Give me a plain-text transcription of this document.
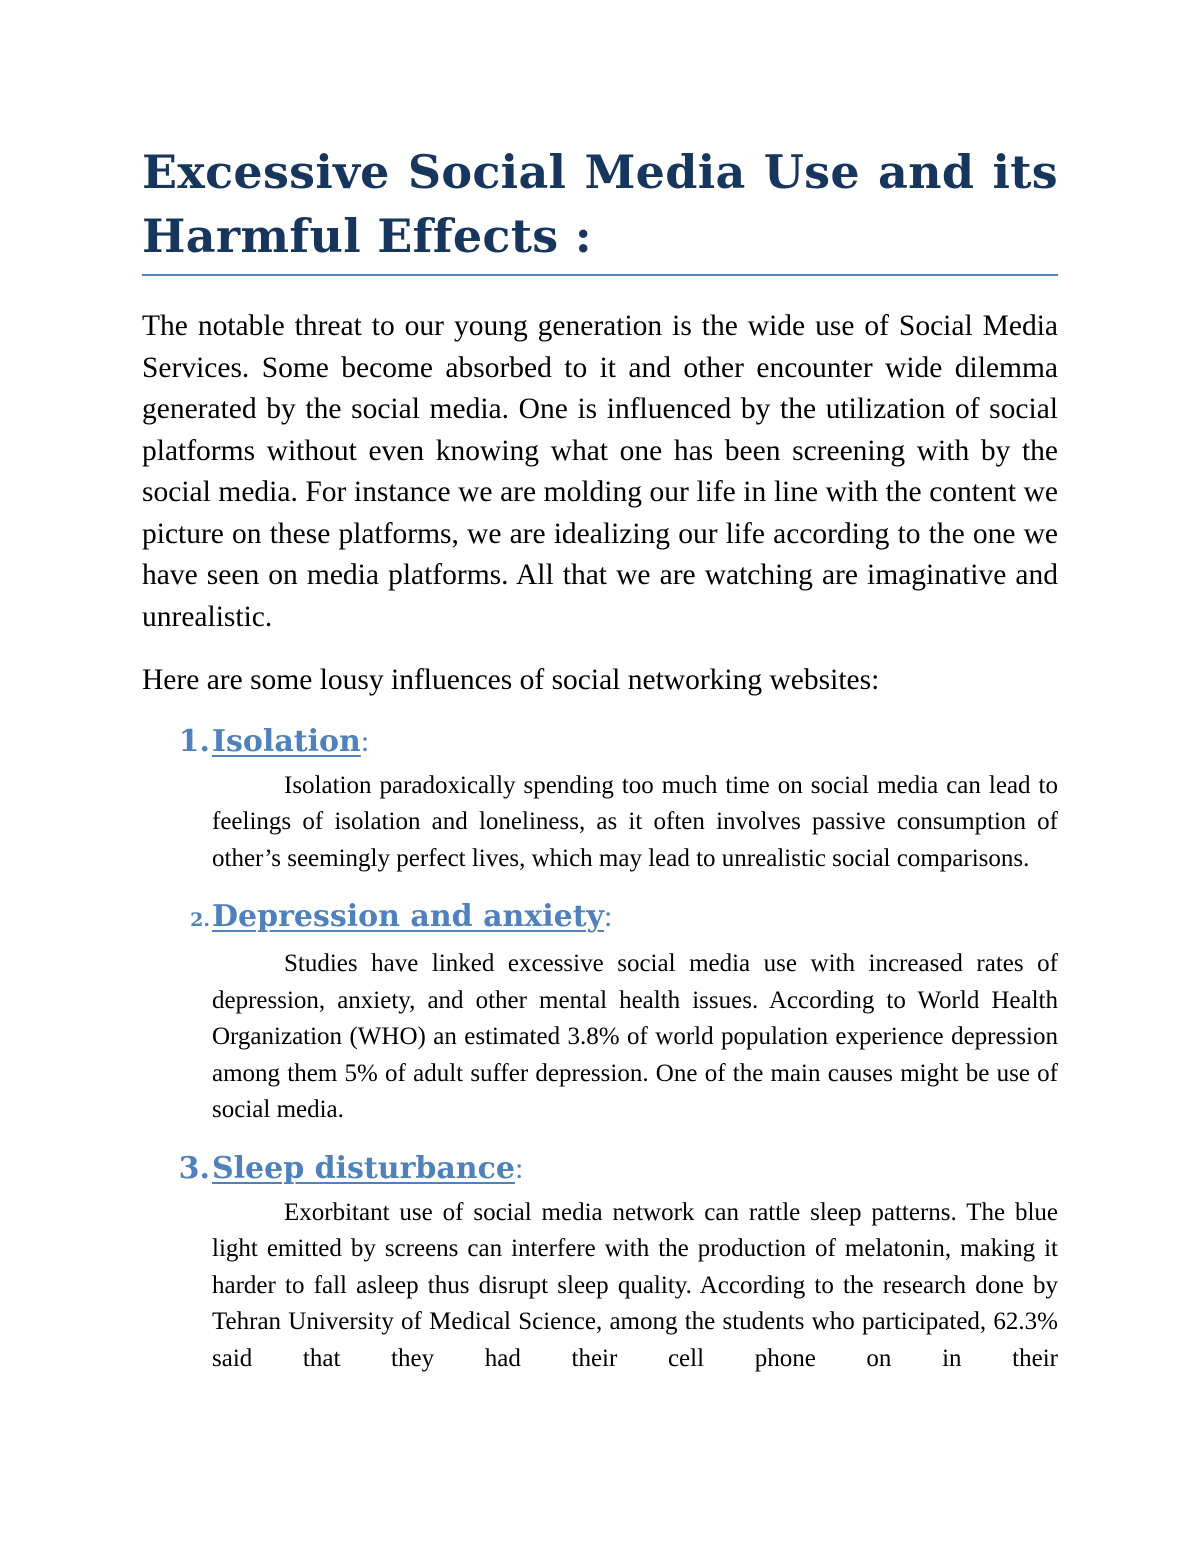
Excessive Social Media Use and its Harmful Effects :

The notable threat to our young generation is the wide use of Social Media Services. Some become absorbed to it and other encounter wide dilemma generated by the social media. One is influenced by the utilization of social platforms without even knowing what one has been screening with by the social media. For instance we are molding our life in line with the content we picture on these platforms, we are idealizing our life according to the one we have seen on media platforms. All that we are watching are imaginative and unrealistic.

Here are some lousy influences of social networking websites:

1. Isolation :

Isolation paradoxically spending too much time on social media can lead to feelings of isolation and loneliness, as it often involves passive consumption of other’s seemingly perfect lives, which may lead to unrealistic social comparisons.

2. Depression and anxiety :

Studies have linked excessive social media use with increased rates of depression, anxiety, and other mental health issues. According to World Health Organization (WHO) an estimated 3.8% of world population experience depression among them 5% of adult suffer depression. One of the main causes might be use of social media.

3. Sleep disturbance :

Exorbitant use of social media network can rattle sleep patterns. The blue light emitted by screens can interfere with the production of melatonin, making it harder to fall asleep thus disrupt sleep quality. According to the research done by Tehran University of Medical Science, among the students who participated, 62.3% said that they had their cell phone on in their
